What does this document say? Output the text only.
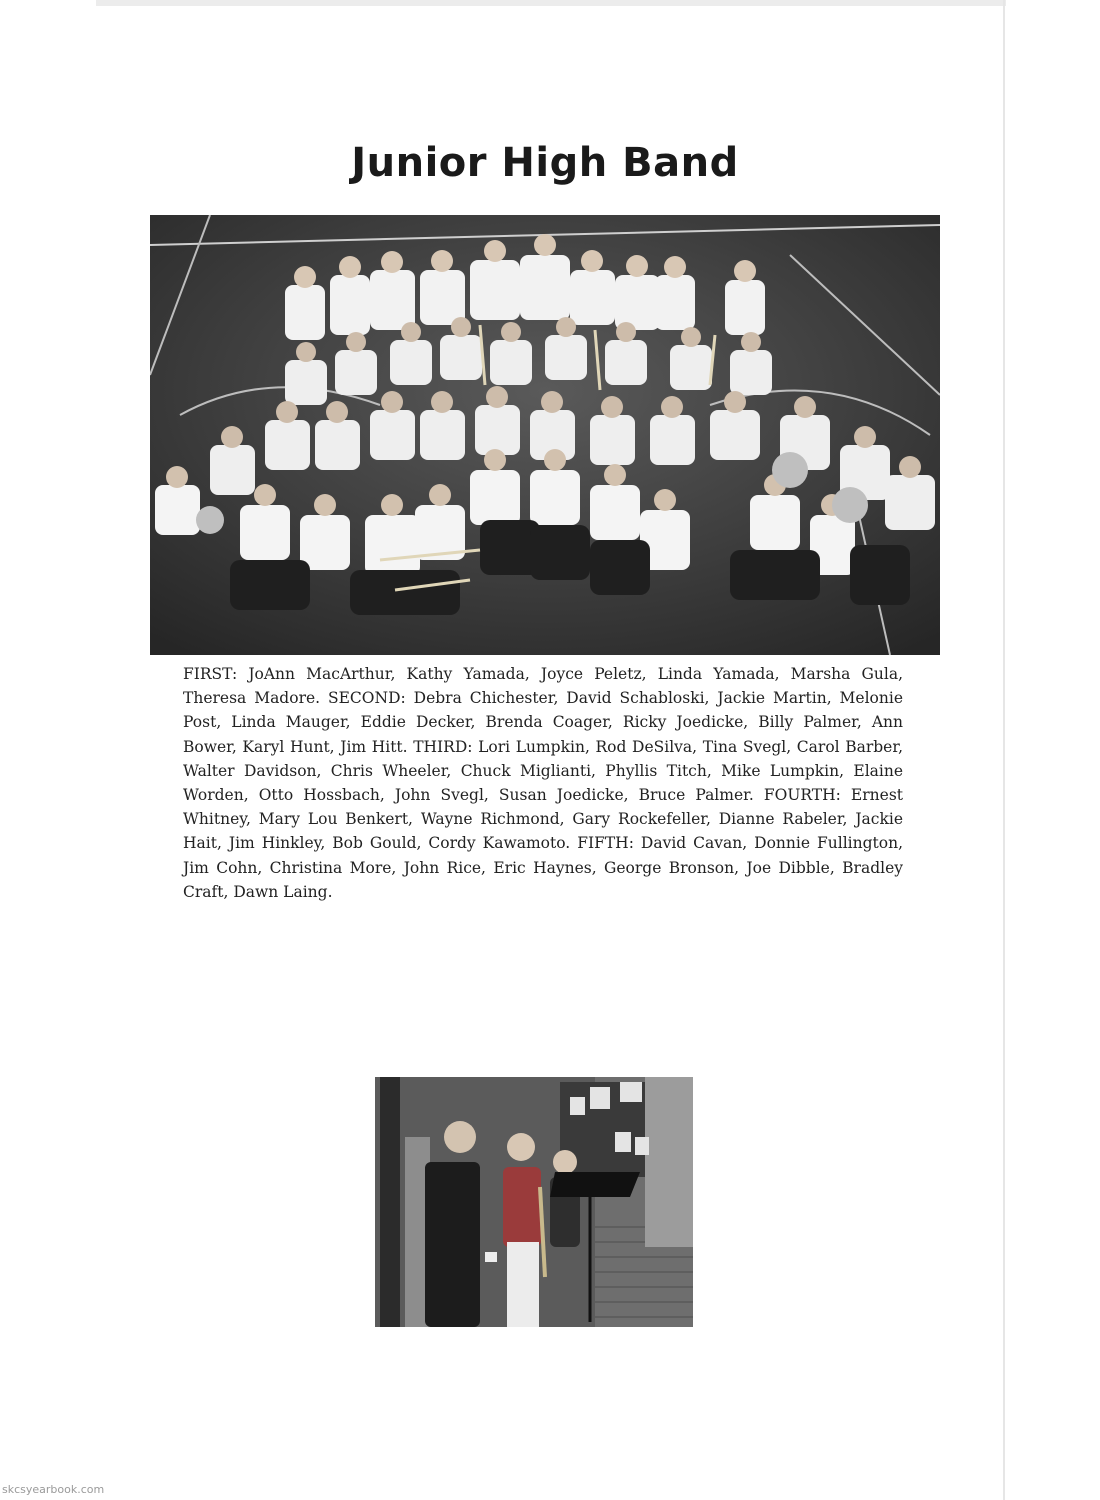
Junior High Band
FIRST: JoAnn MacArthur, Kathy Yamada, Joyce Peletz, Linda Yamada, Marsha Gula, Theresa Madore. SECOND: Debra Chichester, David Schabloski, Jackie Martin, Melonie Post, Linda Mauger, Eddie Decker, Brenda Coager, Ricky Joedicke, Billy Palmer, Ann Bower, Karyl Hunt, Jim Hitt. THIRD: Lori Lumpkin, Rod DeSilva, Tina Svegl, Carol Barber, Walter Davidson, Chris Wheeler, Chuck Miglianti, Phyllis Titch, Mike Lumpkin, Elaine Worden, Otto Hossbach, John Svegl, Susan Joedicke, Bruce Palmer. FOURTH: Ernest Whitney, Mary Lou Benkert, Wayne Richmond, Gary Rockefeller, Dianne Rabeler, Jackie Hait, Jim Hinkley, Bob Gould, Cordy Kawamoto. FIFTH: David Cavan, Donnie Fullington, Jim Cohn, Christina More, John Rice, Eric Haynes, George Bronson, Joe Dibble, Bradley Craft, Dawn Laing.
skcsyearbook.com
